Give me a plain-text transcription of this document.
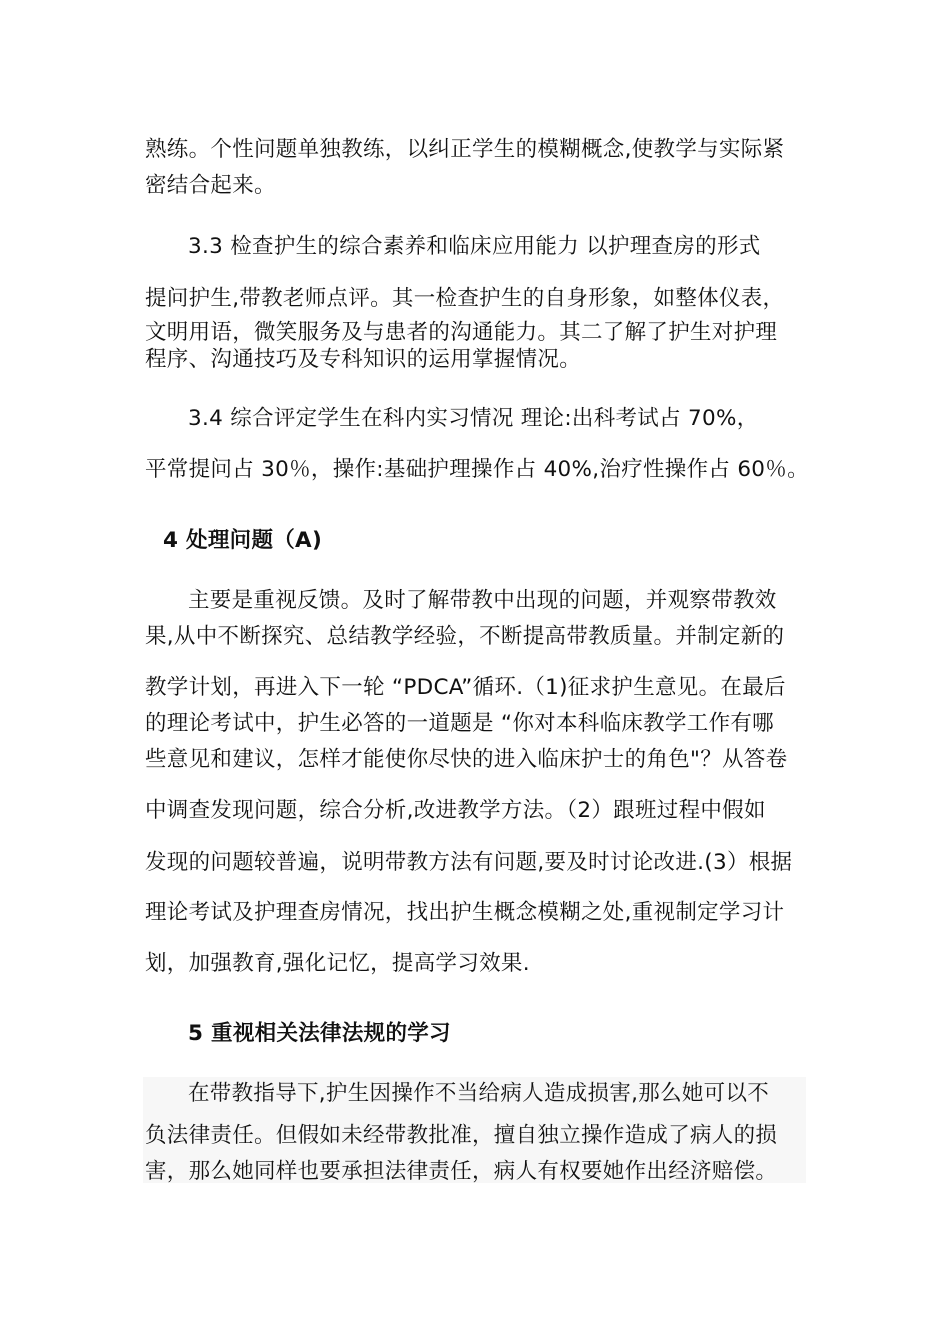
熟练。个性问题单独教练，以纠正学生的模糊概念,使教学与实际紧
密结合起来。
3.3 检查护生的综合素养和临床应用能力 以护理查房的形式
提问护生,带教老师点评。其一检查护生的自身形象，如整体仪表，
文明用语，微笑服务及与患者的沟通能力。其二了解了护生对护理
程序、沟通技巧及专科知识的运用掌握情况。
3.4 综合评定学生在科内实习情况 理论:出科考试占 70%，
平常提问占 30％，操作:基础护理操作占 40%,治疗性操作占 60％。
4 处理问题（A)
主要是重视反馈。及时了解带教中出现的问题，并观察带教效
果,从中不断探究、总结教学经验，不断提高带教质量。并制定新的
教学计划，再进入下一轮 “PDCA”循环.（1)征求护生意见。在最后
的理论考试中，护生必答的一道题是 “你对本科临床教学工作有哪
些意见和建议，怎样才能使你尽快的进入临床护士的角色"？从答卷
中调查发现问题，综合分析,改进教学方法。（2）跟班过程中假如
发现的问题较普遍，说明带教方法有问题,要及时讨论改进.(3）根据
理论考试及护理查房情况，找出护生概念模糊之处,重视制定学习计
划，加强教育,强化记忆，提高学习效果.
5 重视相关法律法规的学习
在带教指导下,护生因操作不当给病人造成损害,那么她可以不
负法律责任。但假如未经带教批准，擅自独立操作造成了病人的损
害，那么她同样也要承担法律责任，病人有权要她作出经济赔偿。
